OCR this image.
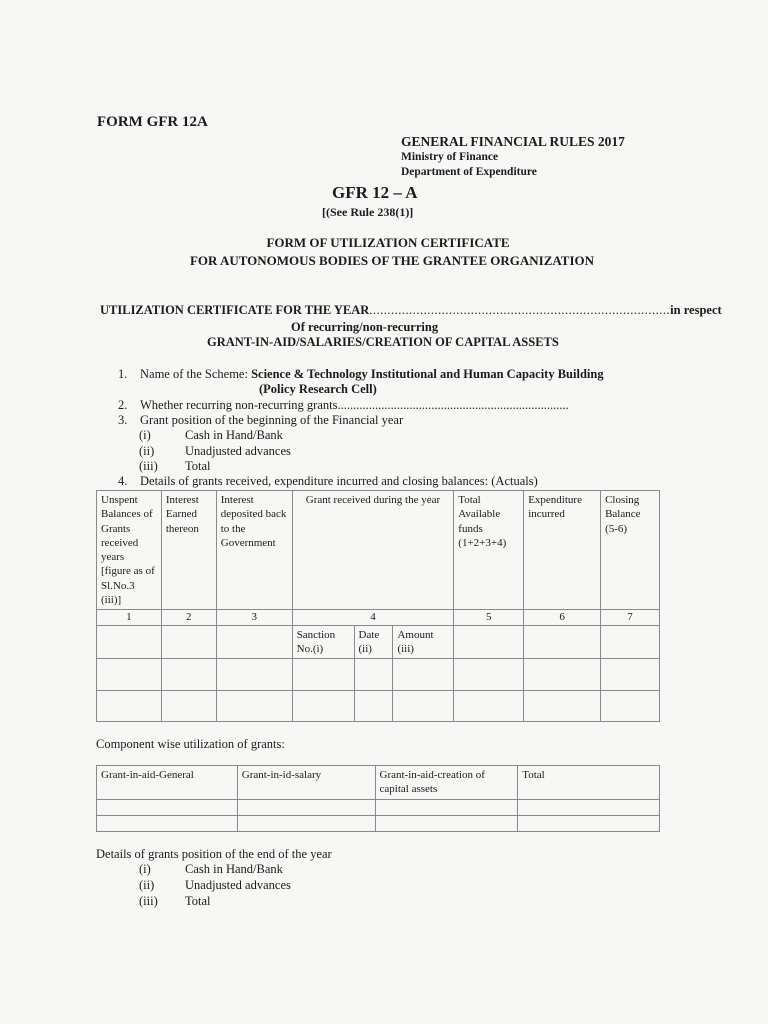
FORM GFR 12A
GENERAL FINANCIAL RULES 2017
Ministry of Finance
Department of Expenditure
GFR 12 – A
[(See Rule 238(1)]
FORM OF UTILIZATION CERTIFICATE
FOR AUTONOMOUS BODIES OF THE GRANTEE ORGANIZATION
UTILIZATION CERTIFICATE FOR THE YEAR...................................................................................in respect
Of recurring/non-recurring
GRANT-IN-AID/SALARIES/CREATION OF CAPITAL ASSETS
1. Name of the Scheme: Science & Technology Institutional and Human Capacity Building
(Policy Research Cell)
2. Whether recurring non-recurring grants..........................................................................
3. Grant position of the beginning of the Financial year
(i)	Cash in Hand/Bank
(ii) Unadjusted advances
(iii) Total
4. Details of grants received, expenditure incurred and closing balances: (Actuals)
Unspent Balances of Grants received years [figure as of Sl.No.3 (iii)]	Interest Earned thereon	Interest deposited back to the Government	Grant received during the year			Total Available funds (1+2+3+4)	Expenditure incurred	Closing Balance (5-6)
1	2	3	4			5	6	7
			Sanction No.(i)	Date (ii)	Amount (iii)			

Component wise utilization of grants:
Grant-in-aid-General	Grant-in-id-salary	Grant-in-aid-creation of capital assets	Total

Details of grants position of the end of the year
(i)	Cash in Hand/Bank
(ii) Unadjusted advances
(iii) Total
